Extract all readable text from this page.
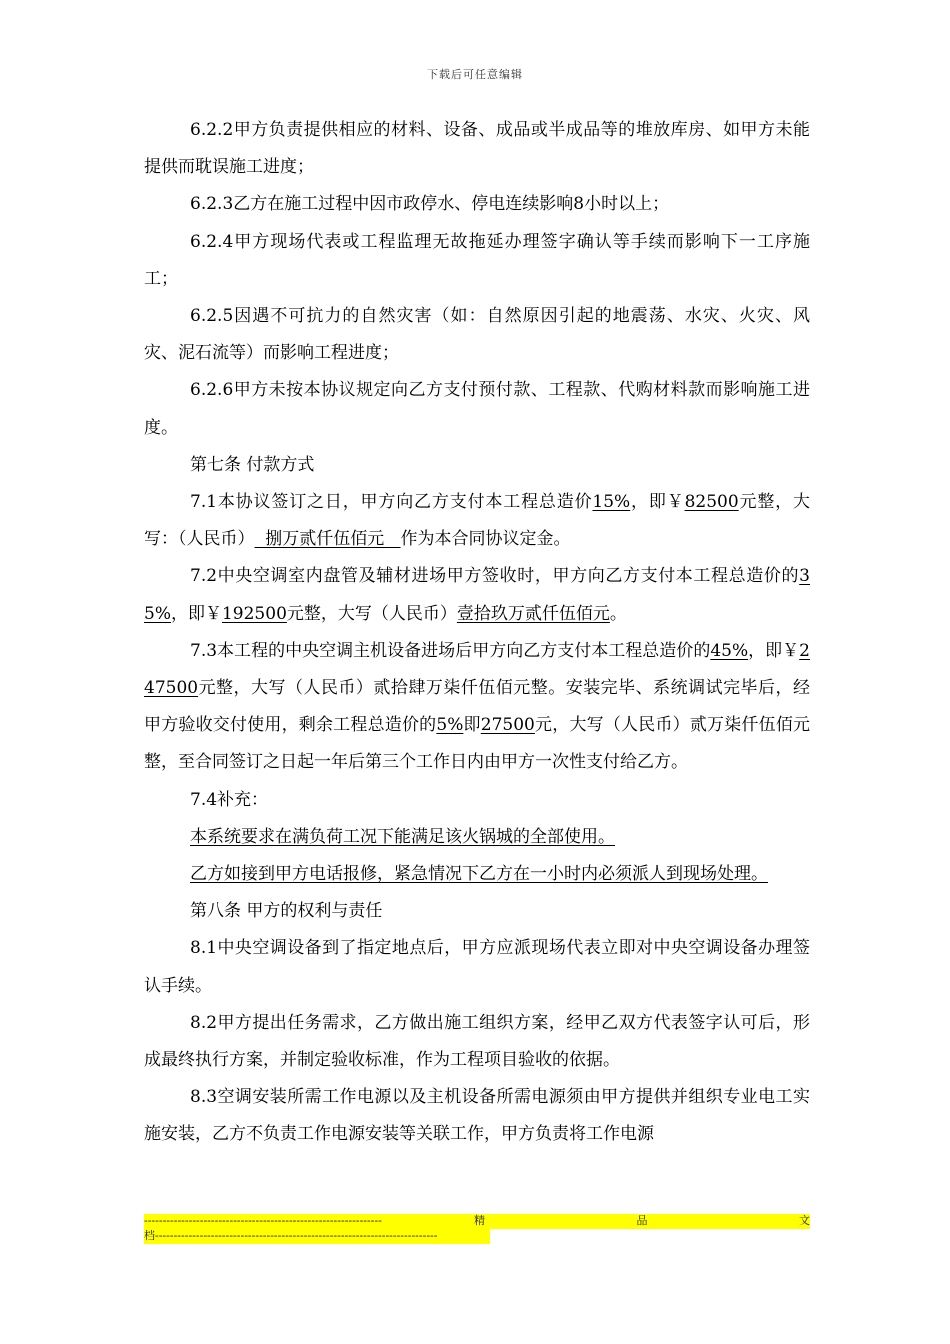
下载后可任意编辑

6.2.2甲方负责提供相应的材料、设备、成品或半成品等的堆放库房、如甲方未能提供而耽误施工进度；

6.2.3乙方在施工过程中因市政停水、停电连续影响8小时以上；

6.2.4甲方现场代表或工程监理无故拖延办理签字确认等手续而影响下一工序施工；

6.2.5因遇不可抗力的自然灾害（如：自然原因引起的地震荡、水灾、火灾、风灾、泥石流等）而影响工程进度；

6.2.6甲方未按本协议规定向乙方支付预付款、工程款、代购材料款而影响施工进度。

第七条 付款方式

7.1本协议签订之日，甲方向乙方支付本工程总造价15%，即￥82500元整，大写：（人民币）  捌万贰仟伍佰元   作为本合同协议定金。

7.2中央空调室内盘管及辅材进场甲方签收时，甲方向乙方支付本工程总造价的35%，即￥192500元整，大写（人民币）壹拾玖万贰仟伍佰元。

7.3本工程的中央空调主机设备进场后甲方向乙方支付本工程总造价的45%，即￥247500元整，大写（人民币）贰拾肆万柒仟伍佰元整。安装完毕、系统调试完毕后，经甲方验收交付使用，剩余工程总造价的5%即27500元，大写（人民币）贰万柒仟伍佰元整，至合同签订之日起一年后第三个工作日内由甲方一次性支付给乙方。

7.4补充：

本系统要求在满负荷工况下能满足该火锅城的全部使用。

乙方如接到甲方电话报修，紧急情况下乙方在一小时内必须派人到现场处理。

第八条 甲方的权利与责任

8.1中央空调设备到了指定地点后，甲方应派现场代表立即对中央空调设备办理签认手续。

8.2甲方提出任务需求，乙方做出施工组织方案，经甲乙双方代表签字认可后，形成最终执行方案，并制定验收标准，作为工程项目验收的依据。

8.3空调安装所需工作电源以及主机设备所需电源须由甲方提供并组织专业电工实施安装，乙方不负责工作电源安装等关联工作，甲方负责将工作电源

----------------------------------------------------------------	精	品	文
档----------------------------------------------------------------------------
